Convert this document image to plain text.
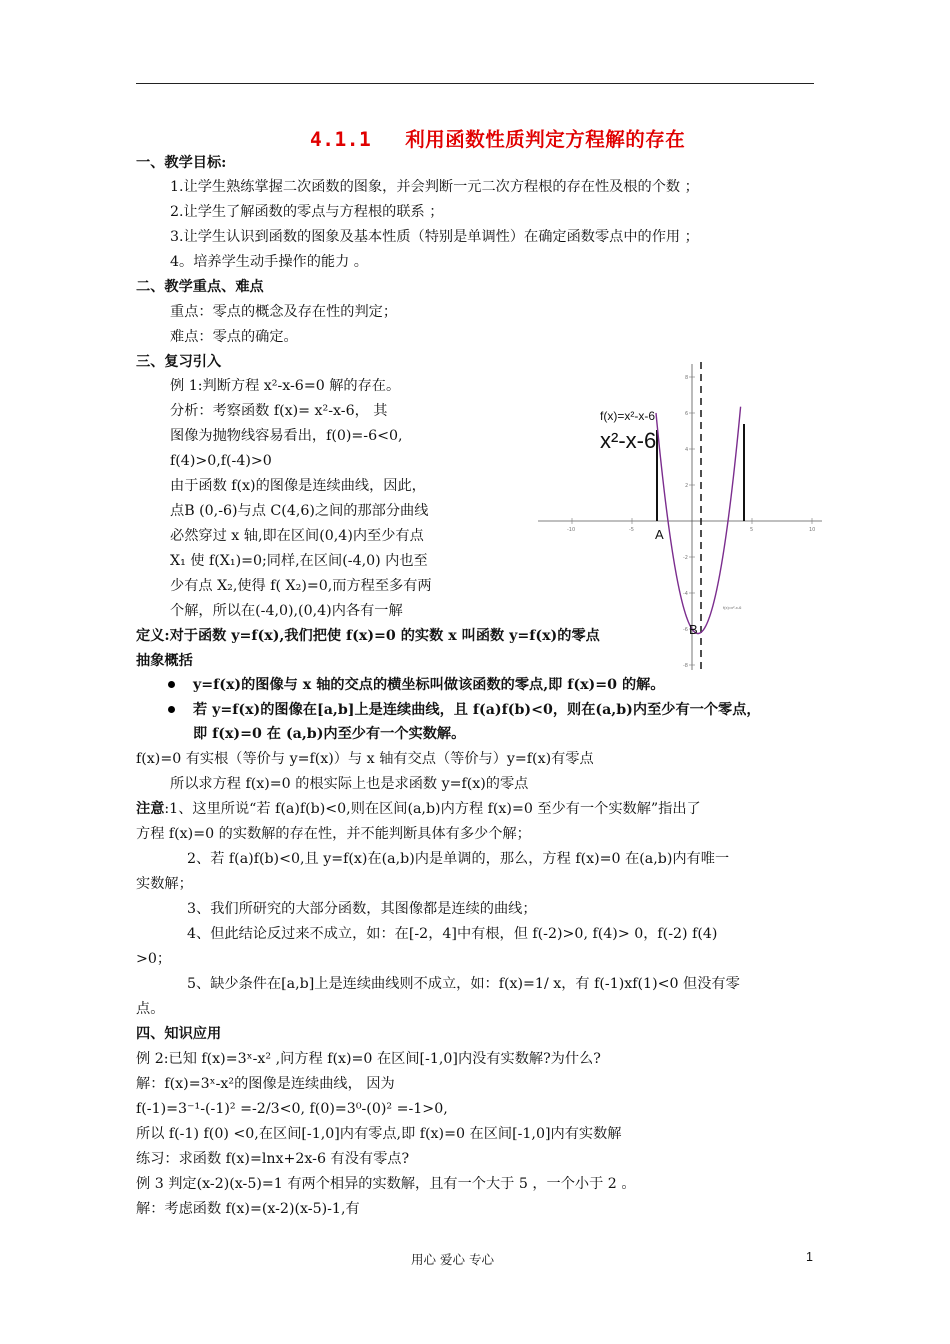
4.1.1 利用函数性质判定方程解的存在
一、教学目标:
1.让学生熟练掌握二次函数的图象，并会判断一元二次方程根的存在性及根的个数 ；
2.让学生了解函数的零点与方程根的联系 ；
3.让学生认识到函数的图象及基本性质（特别是单调性）在确定函数零点中的作用 ；
4。培养学生动手操作的能力 。
二、教学重点、难点
重点：零点的概念及存在性的判定；
难点：零点的确定。
三、复习引入
例 1:判断方程 x²-x-6=0 解的存在。
分析：考察函数 f(x)= x²-x-6， 其
图像为抛物线容易看出，f(0)=-6<0,
f(4)>0,f(-4)>0
由于函数 f(x)的图像是连续曲线，因此，
点B (0,-6)与点 C(4,6)之间的那部分曲线
必然穿过 x 轴,即在区间(0,4)内至少有点
X₁ 使 f(X₁)=0;同样,在区间(-4,0) 内也至
少有点 X₂,使得 f( X₂)=0,而方程至多有两
个解，所以在(-4,0),(0,4)内各有一解
-10	-5	5	10
8
6
4
2
-2
-4
-6
-8
f(x)=x²-x-6
x²-x-6
A
B
f(x)=x²-x-6
定义:对于函数 y=f(x),我们把使 f(x)=0 的实数 x 叫函数 y=f(x)的零点
抽象概括
y=f(x)的图像与 x 轴的交点的横坐标叫做该函数的零点,即 f(x)=0 的解。
若 y=f(x)的图像在[a,b]上是连续曲线，且 f(a)f(b)<0，则在(a,b)内至少有一个零点，
即 f(x)=0 在 (a,b)内至少有一个实数解。
f(x)=0 有实根（等价与 y=f(x)）与 x 轴有交点（等价与）y=f(x)有零点
所以求方程 f(x)=0 的根实际上也是求函数 y=f(x)的零点
注意:1、这里所说“若 f(a)f(b)<0,则在区间(a,b)内方程 f(x)=0 至少有一个实数解”指出了
方程 f(x)=0 的实数解的存在性，并不能判断具体有多少个解；
2、若 f(a)f(b)<0,且 y=f(x)在(a,b)内是单调的，那么，方程 f(x)=0 在(a,b)内有唯一
实数解；
3、我们所研究的大部分函数，其图像都是连续的曲线；
4、但此结论反过来不成立，如：在[-2，4]中有根，但 f(-2)>0, f(4)> 0，f(-2) f(4)
>0；
5、缺少条件在[a,b]上是连续曲线则不成立，如：f(x)=1/ x，有 f(-1)xf(1)<0 但没有零
点。
四、知识应用
例 2:已知 f(x)=3ˣ-x² ,问方程 f(x)=0 在区间[-1,0]内没有实数解?为什么?
解：f(x)=3ˣ-x²的图像是连续曲线， 因为
f(-1)=3⁻¹-(-1)² =-2/3<0, f(0)=3⁰-(0)² =-1>0,
所以 f(-1) f(0) <0,在区间[-1,0]内有零点,即 f(x)=0 在区间[-1,0]内有实数解
练习：求函数 f(x)=lnx+2x-6 有没有零点?
例 3 判定(x-2)(x-5)=1 有两个相异的实数解，且有一个大于 5 ，一个小于 2 。
解：考虑函数 f(x)=(x-2)(x-5)-1,有
用心 爱心 专心	1
